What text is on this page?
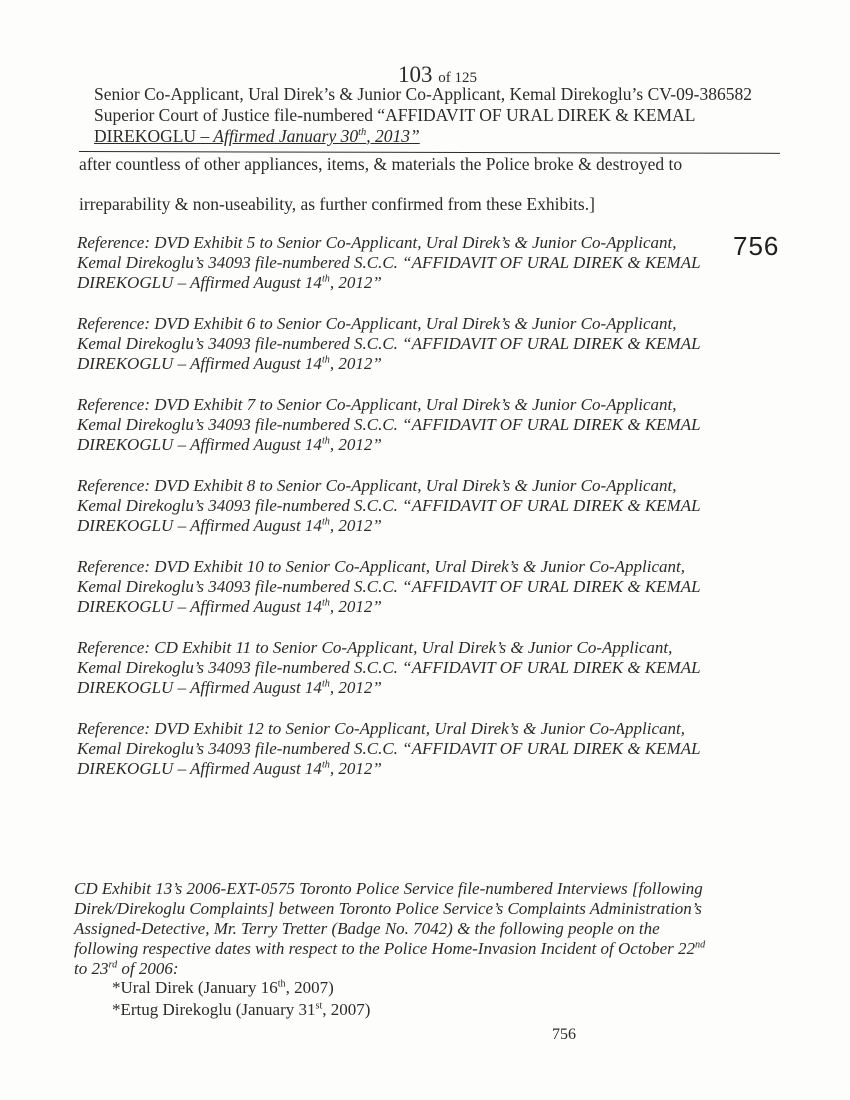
103 of 125
Senior Co-Applicant, Ural Direk’s & Junior Co-Applicant, Kemal Direkoglu’s CV-09-386582
Superior Court of Justice file-numbered “AFFIDAVIT OF URAL DIREK & KEMAL
DIREKOGLU – Affirmed January 30th, 2013”
after countless of other appliances, items, & materials the Police broke & destroyed to
irreparability & non-useability, as further confirmed from these Exhibits.]
756
Reference: DVD Exhibit 5 to Senior Co-Applicant, Ural Direk’s & Junior Co-Applicant,
Kemal Direkoglu’s 34093 file-numbered S.C.C. “AFFIDAVIT OF URAL DIREK & KEMAL
DIREKOGLU – Affirmed August 14th, 2012”
Reference: DVD Exhibit 6 to Senior Co-Applicant, Ural Direk’s & Junior Co-Applicant,
Kemal Direkoglu’s 34093 file-numbered S.C.C. “AFFIDAVIT OF URAL DIREK & KEMAL
DIREKOGLU – Affirmed August 14th, 2012”
Reference: DVD Exhibit 7 to Senior Co-Applicant, Ural Direk’s & Junior Co-Applicant,
Kemal Direkoglu’s 34093 file-numbered S.C.C. “AFFIDAVIT OF URAL DIREK & KEMAL
DIREKOGLU – Affirmed August 14th, 2012”
Reference: DVD Exhibit 8 to Senior Co-Applicant, Ural Direk’s & Junior Co-Applicant,
Kemal Direkoglu’s 34093 file-numbered S.C.C. “AFFIDAVIT OF URAL DIREK & KEMAL
DIREKOGLU – Affirmed August 14th, 2012”
Reference: DVD Exhibit 10 to Senior Co-Applicant, Ural Direk’s & Junior Co-Applicant,
Kemal Direkoglu’s 34093 file-numbered S.C.C. “AFFIDAVIT OF URAL DIREK & KEMAL
DIREKOGLU – Affirmed August 14th, 2012”
Reference: CD Exhibit 11 to Senior Co-Applicant, Ural Direk’s & Junior Co-Applicant,
Kemal Direkoglu’s 34093 file-numbered S.C.C. “AFFIDAVIT OF URAL DIREK & KEMAL
DIREKOGLU – Affirmed August 14th, 2012”
Reference: DVD Exhibit 12 to Senior Co-Applicant, Ural Direk’s & Junior Co-Applicant,
Kemal Direkoglu’s 34093 file-numbered S.C.C. “AFFIDAVIT OF URAL DIREK & KEMAL
DIREKOGLU – Affirmed August 14th, 2012”
CD Exhibit 13’s 2006-EXT-0575 Toronto Police Service file-numbered Interviews [following
Direk/Direkoglu Complaints] between Toronto Police Service’s Complaints Administration’s
Assigned-Detective, Mr. Terry Tretter (Badge No. 7042) & the following people on the
following respective dates with respect to the Police Home-Invasion Incident of October 22nd
to 23rd of 2006:
*Ural Direk (January 16th, 2007)
*Ertug Direkoglu (January 31st, 2007)
756
